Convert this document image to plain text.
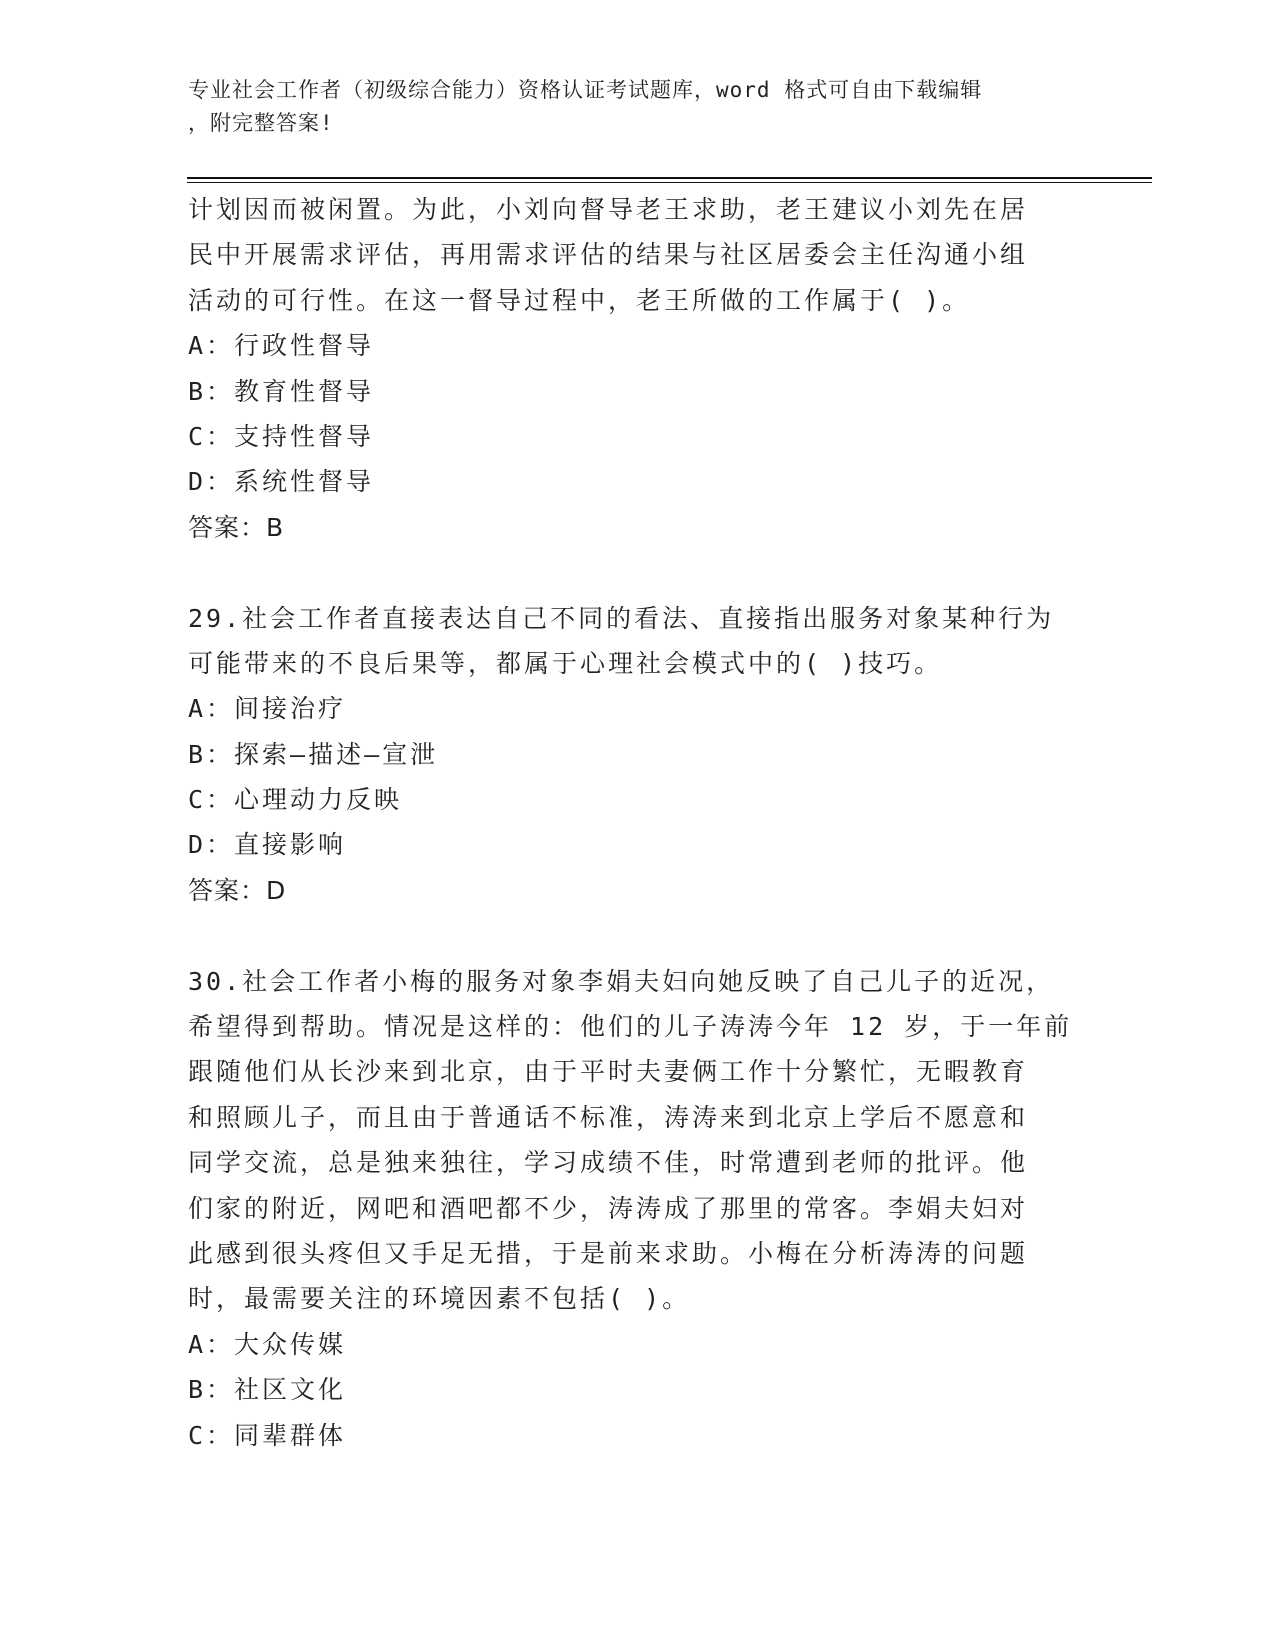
专业社会工作者（初级综合能力）资格认证考试题库，word 格式可自由下载编辑
，附完整答案!
计划因而被闲置。为此，小刘向督导老王求助，老王建议小刘先在居
民中开展需求评估，再用需求评估的结果与社区居委会主任沟通小组
活动的可行性。在这一督导过程中，老王所做的工作属于( )。
A：行政性督导
B：教育性督导
C：支持性督导
D：系统性督导
答案：B
29.社会工作者直接表达自己不同的看法、直接指出服务对象某种行为
可能带来的不良后果等，都属于心理社会模式中的( )技巧。
A：间接治疗
B：探索—描述—宣泄
C：心理动力反映
D：直接影响
答案：D
30.社会工作者小梅的服务对象李娟夫妇向她反映了自己儿子的近况，
希望得到帮助。情况是这样的：他们的儿子涛涛今年 12 岁，于一年前
跟随他们从长沙来到北京，由于平时夫妻俩工作十分繁忙，无暇教育
和照顾儿子，而且由于普通话不标准，涛涛来到北京上学后不愿意和
同学交流，总是独来独往，学习成绩不佳，时常遭到老师的批评。他
们家的附近，网吧和酒吧都不少，涛涛成了那里的常客。李娟夫妇对
此感到很头疼但又手足无措，于是前来求助。小梅在分析涛涛的问题
时，最需要关注的环境因素不包括( )。
A：大众传媒
B：社区文化
C：同辈群体
